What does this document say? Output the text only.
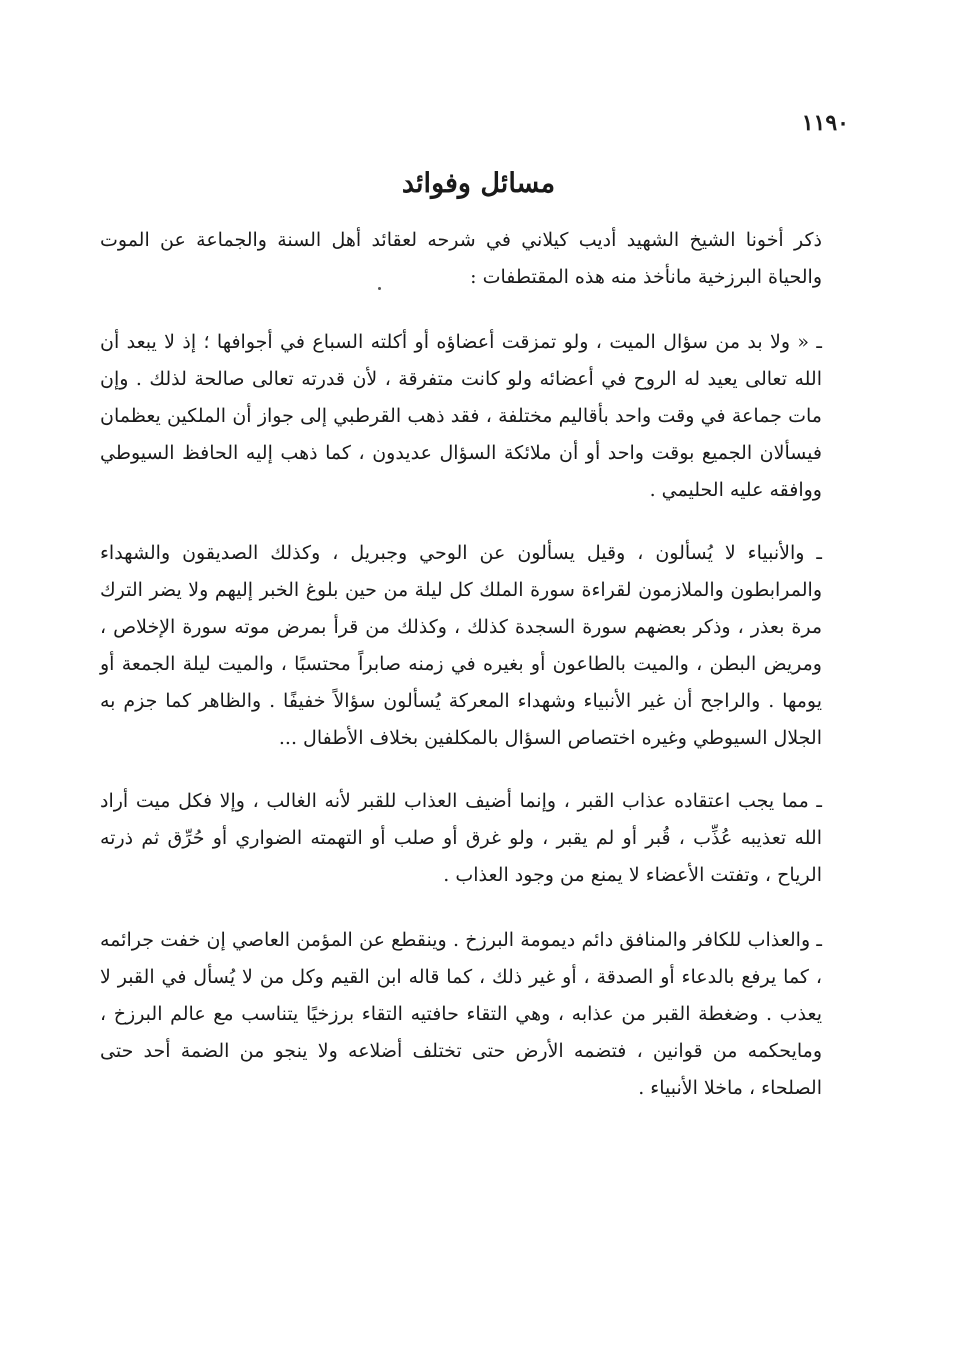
١١٩٠
مسائل وفوائد

ذكر أخونا الشيخ الشهيد أديب كيلاني في شرحه لعقائد أهل السنة والجماعة عن الموت والحياة البرزخية مانأخذ منه هذه المقتطفات :

ـ « ولا بد من سؤال الميت ، ولو تمزقت أعضاؤه أو أكلته السباع في أجوافها ؛ إذ لا يبعد أن الله تعالى يعيد له الروح في أعضائه ولو كانت متفرقة ، لأن قدرته تعالى صالحة لذلك . وإن مات جماعة في وقت واحد بأقاليم مختلفة ، فقد ذهب القرطبي إلى جواز أن الملكين يعظمان فيسألان الجميع بوقت واحد أو أن ملائكة السؤال عديدون ، كما ذهب إليه الحافظ السيوطي ووافقه عليه الحليمي .

ـ والأنبياء لا يُسألون ، وقيل يسألون عن الوحي وجبريل ، وكذلك الصديقون والشهداء والمرابطون والملازمون لقراءة سورة الملك كل ليلة من حين بلوغ الخبر إليهم ولا يضر الترك مرة بعذر ، وذكر بعضهم سورة السجدة كذلك ، وكذلك من قرأ بمرض موته سورة الإخلاص ، ومريض البطن ، والميت بالطاعون أو بغيره في زمنه صابراً محتسبًا ، والميت ليلة الجمعة أو يومها . والراجح أن غير الأنبياء وشهداء المعركة يُسألون سؤالاً خفيفًا . والظاهر كما جزم به الجلال السيوطي وغيره اختصاص السؤال بالمكلفين بخلاف الأطفال ...

ـ مما يجب اعتقاده عذاب القبر ، وإنما أضيف العذاب للقبر لأنه الغالب ، وإلا فكل ميت أراد الله تعذيبه عُذِّب ، قُبر أو لم يقبر ، ولو غرق أو صلب أو التهمته الضواري أو حُرِّق ثم ذرته الرياح ، وتفتت الأعضاء لا يمنع من وجود العذاب .

ـ والعذاب للكافر والمنافق دائم ديمومة البرزخ . وينقطع عن المؤمن العاصي إن خفت جرائمه ، كما يرفع بالدعاء أو الصدقة ، أو غير ذلك ، كما قاله ابن القيم وكل من لا يُسأل في القبر لا يعذب . وضغطة القبر من عذابه ، وهي التقاء حافتيه التقاء برزخيًا يتناسب مع عالم البرزخ ، ومايحكمه من قوانين ، فتضمه الأرض حتى تختلف أضلاعه ولا ينجو من الضمة أحد حتى الصلحاء ، ماخلا الأنبياء .
